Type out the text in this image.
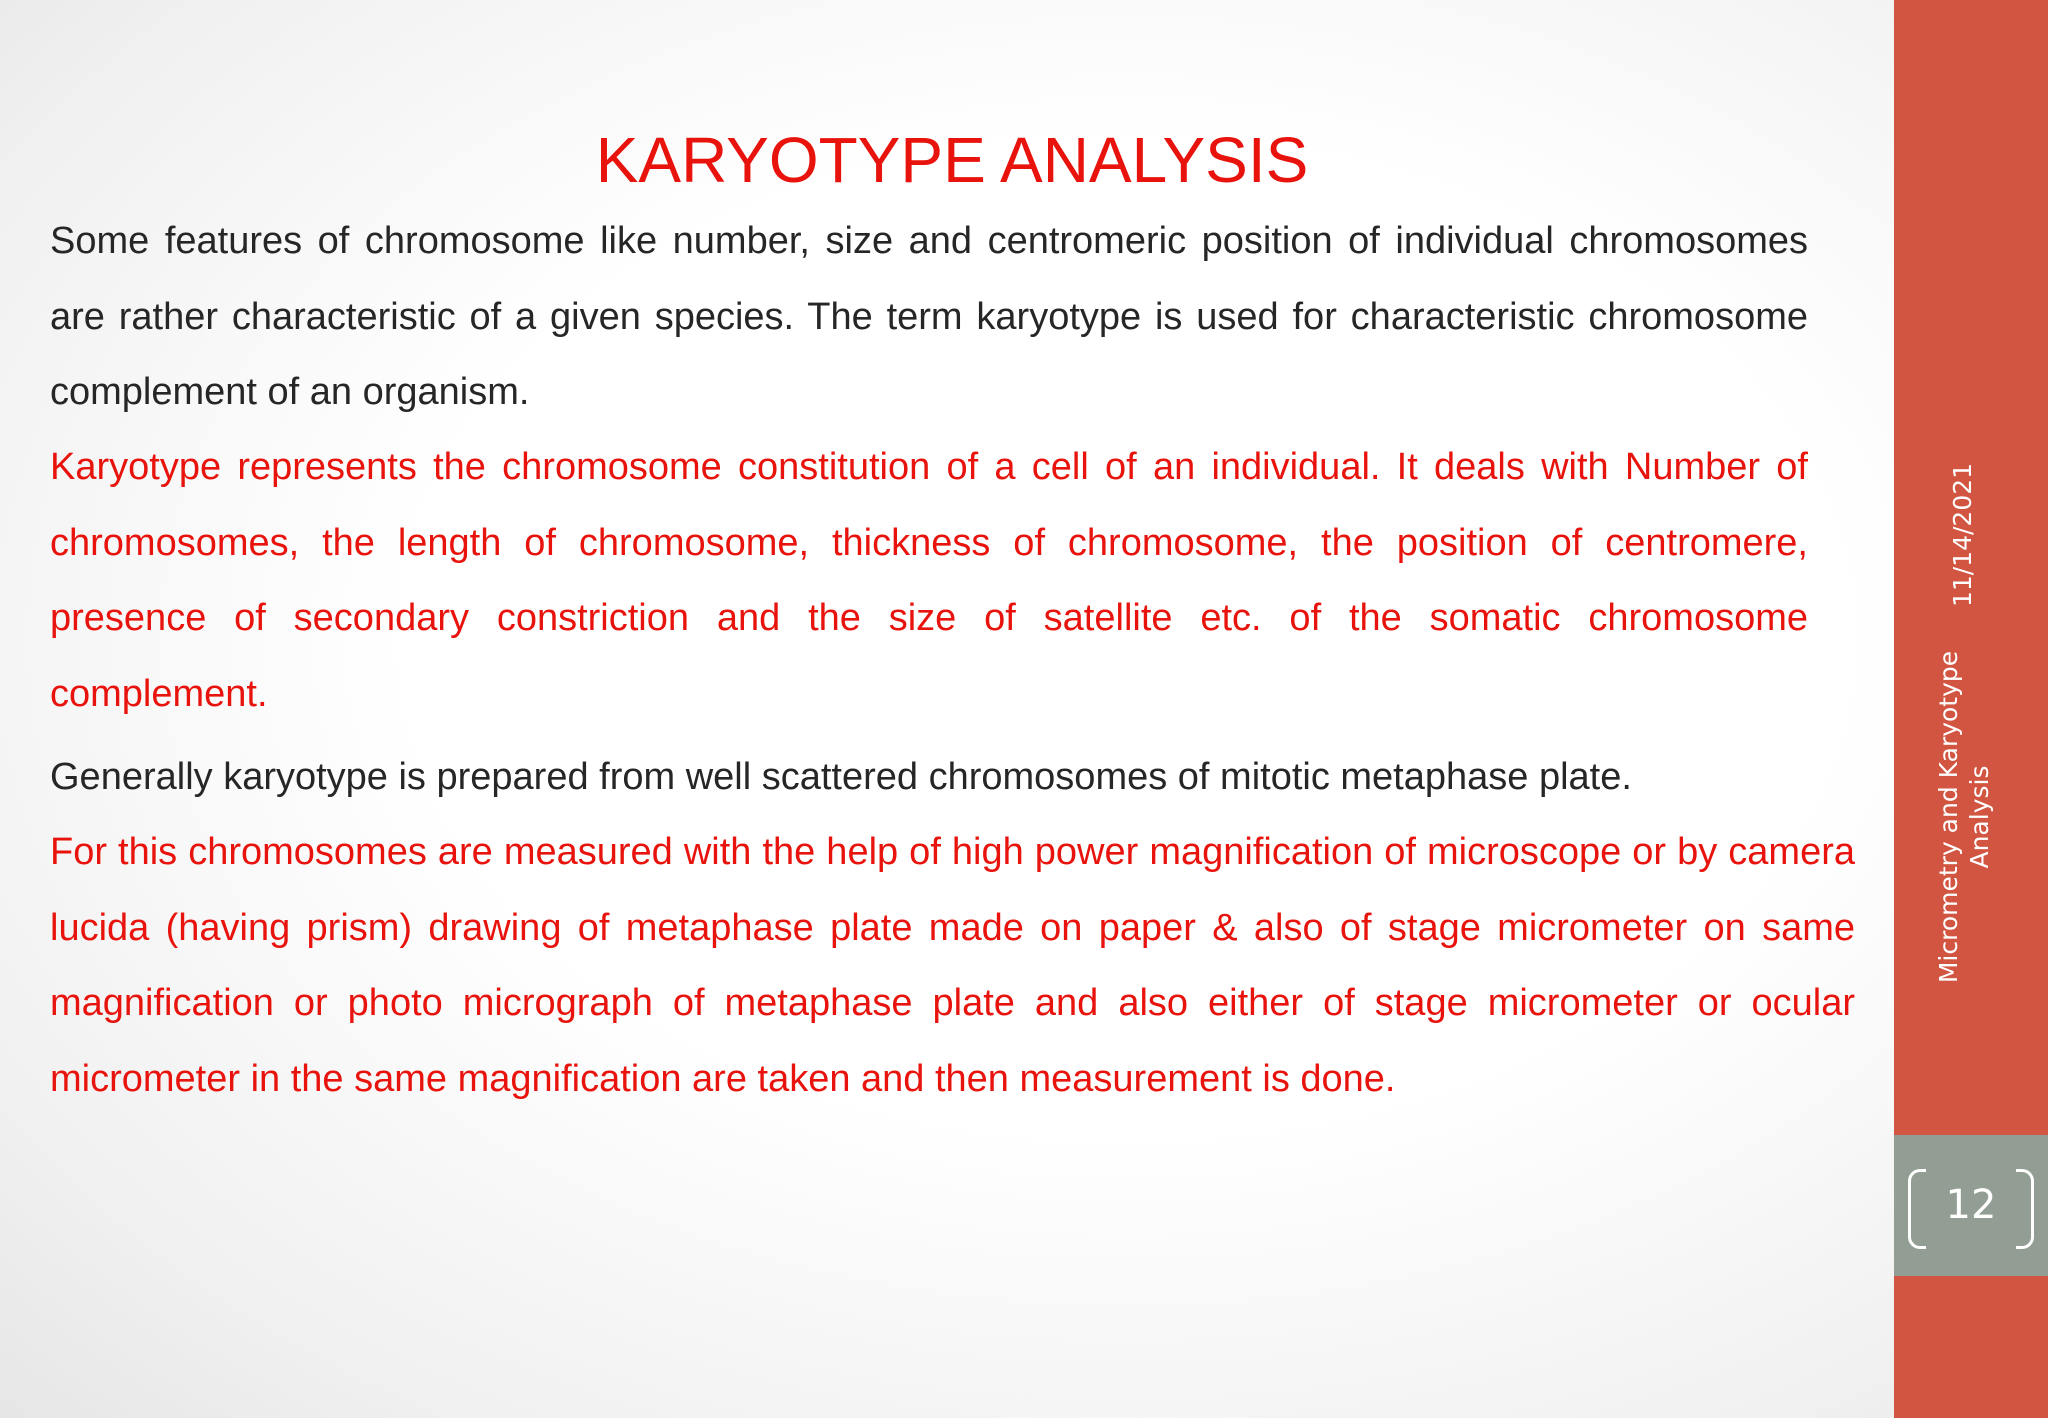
KARYOTYPE ANALYSIS

Some features of chromosome like number, size and centromeric position of individual chromosomes are rather characteristic of a given species. The term karyotype is used for characteristic chromosome complement of an organism.

Karyotype represents the chromosome constitution of a cell of an individual. It deals with Number of chromosomes, the length of chromosome, thickness of chromosome, the position of centromere, presence of secondary constriction and the size of satellite etc. of the somatic chromosome complement.

Generally karyotype is prepared from well scattered chromosomes of mitotic metaphase plate.

For this chromosomes are measured with the help of high power magnification of microscope or by camera lucida (having prism) drawing of metaphase plate made on paper & also of stage micrometer on same magnification or photo micrograph of metaphase plate and also either of stage micrometer or ocular micrometer in the same magnification are taken and then measurement is done.

11/14/2021
Micrometry and Karyotype Analysis
12
